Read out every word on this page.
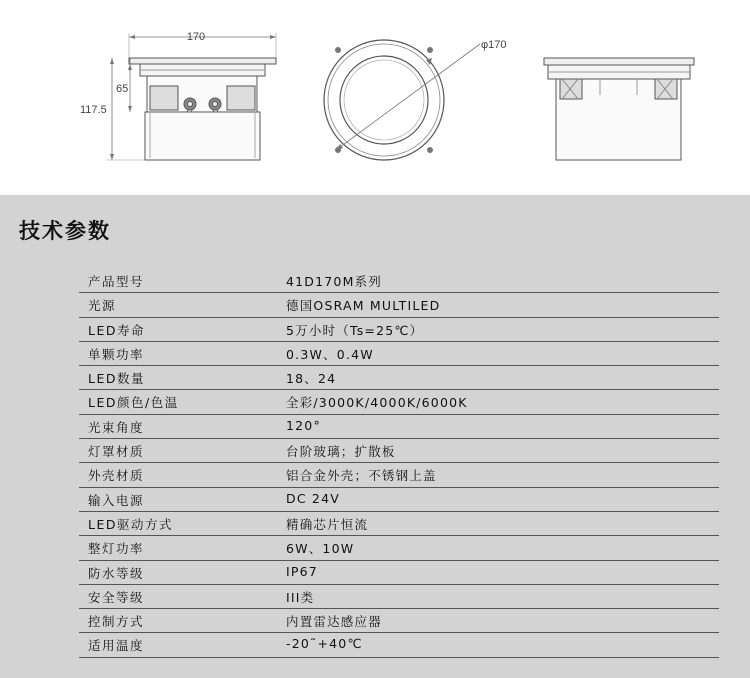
170
65
117.5
φ170
技术参数
产品型号	41D170M系列
光源	德国OSRAM MULTILED
LED寿命	5万小时（Ts=25℃）
单颗功率	0.3W、0.4W
LED数量	18、24
LED颜色/色温	全彩/3000K/4000K/6000K
光束角度	120°
灯罩材质	台阶玻璃；扩散板
外壳材质	铝合金外壳；不锈钢上盖
输入电源	DC 24V
LED驱动方式	精确芯片恒流
整灯功率	6W、10W
防水等级	IP67
安全等级	III类
控制方式	内置雷达感应器
适用温度	-20˜+40℃
